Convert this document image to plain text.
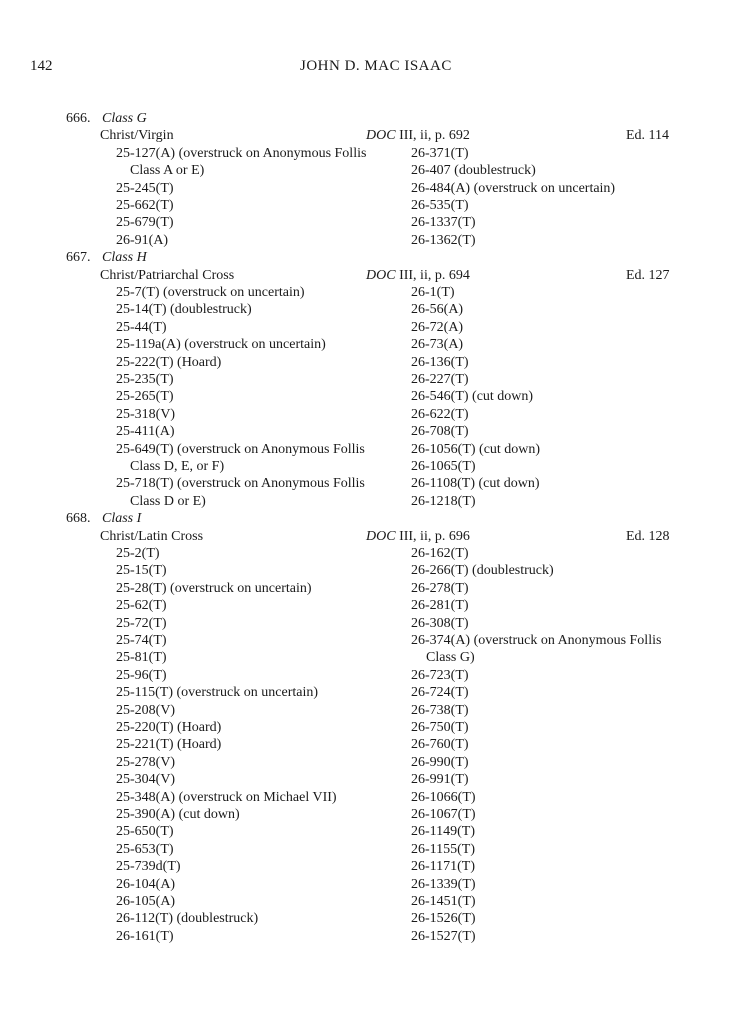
142	JOHN D. MAC ISAAC
666. Class G
Christ/Virgin	DOC III, ii, p. 692	Ed. 114
25-127(A) (overstruck on Anonymous Follis	26-371(T)
Class A or E)	26-407 (doublestruck)
25-245(T)	26-484(A) (overstruck on uncertain)
25-662(T)	26-535(T)
25-679(T)	26-1337(T)
26-91(A)	26-1362(T)
667. Class H
Christ/Patriarchal Cross	DOC III, ii, p. 694	Ed. 127
25-7(T) (overstruck on uncertain)	26-1(T)
25-14(T) (doublestruck)	26-56(A)
25-44(T)	26-72(A)
25-119a(A) (overstruck on uncertain)	26-73(A)
25-222(T) (Hoard)	26-136(T)
25-235(T)	26-227(T)
25-265(T)	26-546(T) (cut down)
25-318(V)	26-622(T)
25-411(A)	26-708(T)
25-649(T) (overstruck on Anonymous Follis	26-1056(T) (cut down)
Class D, E, or F)	26-1065(T)
25-718(T) (overstruck on Anonymous Follis	26-1108(T) (cut down)
Class D or E)	26-1218(T)
668. Class I
Christ/Latin Cross	DOC III, ii, p. 696	Ed. 128
25-2(T)	26-162(T)
25-15(T)	26-266(T) (doublestruck)
25-28(T) (overstruck on uncertain)	26-278(T)
25-62(T)	26-281(T)
25-72(T)	26-308(T)
25-74(T)	26-374(A) (overstruck on Anonymous Follis
25-81(T)	Class G)
25-96(T)	26-723(T)
25-115(T) (overstruck on uncertain)	26-724(T)
25-208(V)	26-738(T)
25-220(T) (Hoard)	26-750(T)
25-221(T) (Hoard)	26-760(T)
25-278(V)	26-990(T)
25-304(V)	26-991(T)
25-348(A) (overstruck on Michael VII)	26-1066(T)
25-390(A) (cut down)	26-1067(T)
25-650(T)	26-1149(T)
25-653(T)	26-1155(T)
25-739d(T)	26-1171(T)
26-104(A)	26-1339(T)
26-105(A)	26-1451(T)
26-112(T) (doublestruck)	26-1526(T)
26-161(T)	26-1527(T)
